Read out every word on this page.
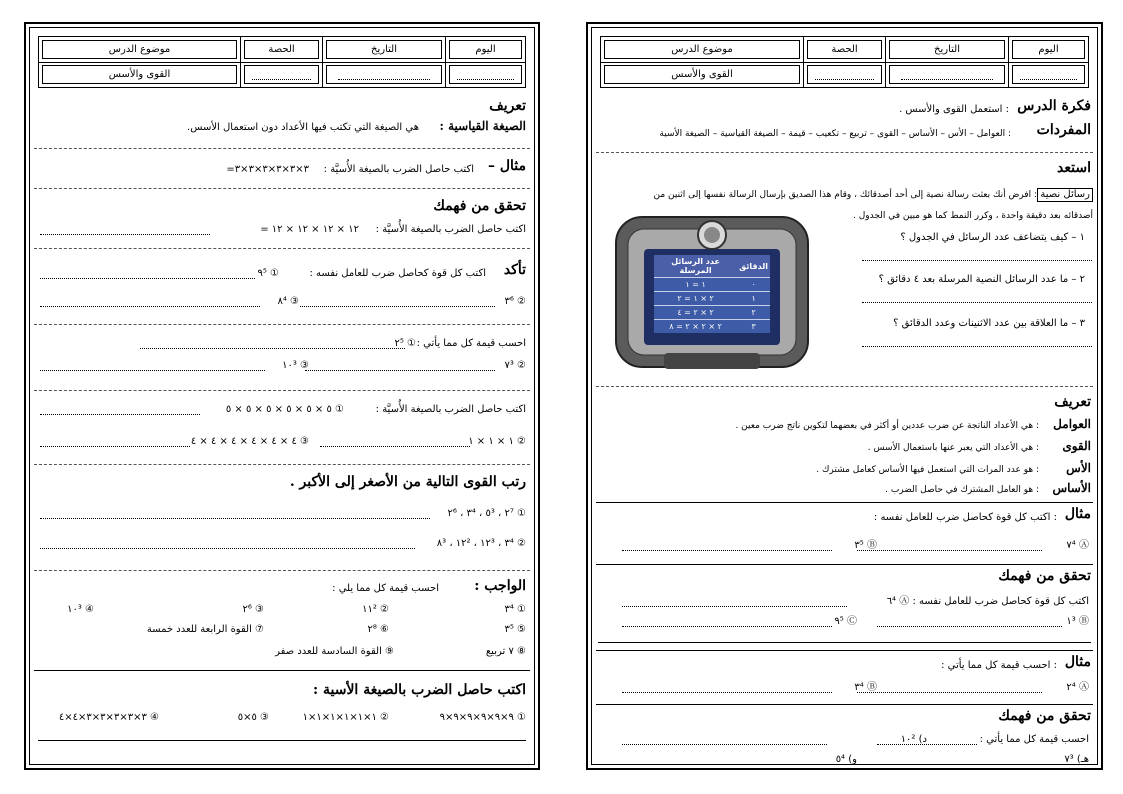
اليوم
التاريخ
الحصة
موضوع الدرس
القوى والأسس
تعريف
الصيغة القياسية :
هي الصيغة التي تكتب فيها الأعداد دون استعمال الأسس.
مثال –
اكتب حاصل الضرب بالصيغة الأُسيَّة :
٣×٣×٣×٣×٣×٣=
تحقق من فهمك
اكتب حاصل الضرب بالصيغة الأُسيَّة :
١٢ × ١٢ × ١٢ × ١٢ =
تأكد
اكتب كل قوة كحاصل ضرب للعامل نفسه :
① ٩⁵
② ٣⁶
③ ٨⁴
احسب قيمة كل مما يأتي :
① ٢⁵
② ٧³
③ ١٠³
اكتب حاصل الضرب بالصيغة الأُسيَّة :
① ٥ × ٥ × ٥ × ٥ × ٥ × ٥
② ١ × ١ × ١
③ ٤ × ٤ × ٤ × ٤ × ٤ × ٤
رتب القوى التالية من الأصغر إلى الأكبر .
① ٢⁷ ، ٥³ ، ٣⁴ ، ٢⁶
② ٣⁴ ، ١٢³ ، ١٢² ، ٨³
الواجب :
احسب قيمة كل مما يلي :
① ٣⁴
② ١١²
③ ٢⁶
④ ١٠³
⑤ ٣⁵
⑥ ٢⁸
⑦ القوة الرابعة للعدد خمسة
⑧ ٧ تربيع
⑨ القوة السادسة للعدد صفر
اكتب حاصل الضرب بالصيغة الأسية :
① ٩×٩×٩×٩×٩×٩
② ١×١×١×١×١×١
③ ٥×٥
④ ٣×٣×٣×٣×٣×٤×٤
اليوم
التاريخ
الحصة
موضوع الدرس
القوى والأسس
فكرة الدرس
: استعمل القوى والأسس .
المفردات
: العوامل – الأس – الأساس – القوى – تربيع – تكعيب – قيمة – الصيغة القياسية – الصيغة الأسية
استعد
رسائل نصية
: افرض أنك بعثت رسالة نصية إلى أحد أصدقائك ، وقام هذا الصديق بإرسال الرسالة نفسها إلى اثنين من
أصدقائه بعد دقيقة واحدة ، وكرر النمط كما هو مبين في الجدول .
١ – كيف يتضاعف عدد الرسائل في الجدول ؟
٢ – ما عدد الرسائل النصية المرسلة بعد ٤ دقائق ؟
٣ – ما العلاقة بين عدد الاثنينات وعدد الدقائق ؟
الدقائق	عدد الرسائل المرسلة
٠	١ = ١
١	٢ × ١ = ٢
٢	٢ × ٢ = ٤
٣	٢ × ٢ × ٢ = ٨
تعريف
العوامل
: هي الأعداد الناتجة عن ضرب عددين أو أكثر في بعضهما لتكوين ناتج ضرب معين .
القوى
: هي الأعداد التي يعبر عنها باستعمال الأسس .
الأس
: هو عدد المرات التي استعمل فيها الأساس كعامل مشترك .
الأساس
: هو العامل المشترك في حاصل الضرب .
مثال
: اكتب كل قوة كحاصل ضرب للعامل نفسه :
Ⓐ ٧⁴
Ⓑ ٣⁵
تحقق من فهمك
اكتب كل قوة كحاصل ضرب للعامل نفسه : Ⓐ ٦⁴
Ⓑ ١³
Ⓒ ٩⁵
مثال
: احسب قيمة كل مما يأتي :
Ⓐ ٢⁴
Ⓑ ٣⁴
تحقق من فهمك
احسب قيمة كل مما يأتي :
د) ١٠²
هـ) ٧³
و) ٥⁴
